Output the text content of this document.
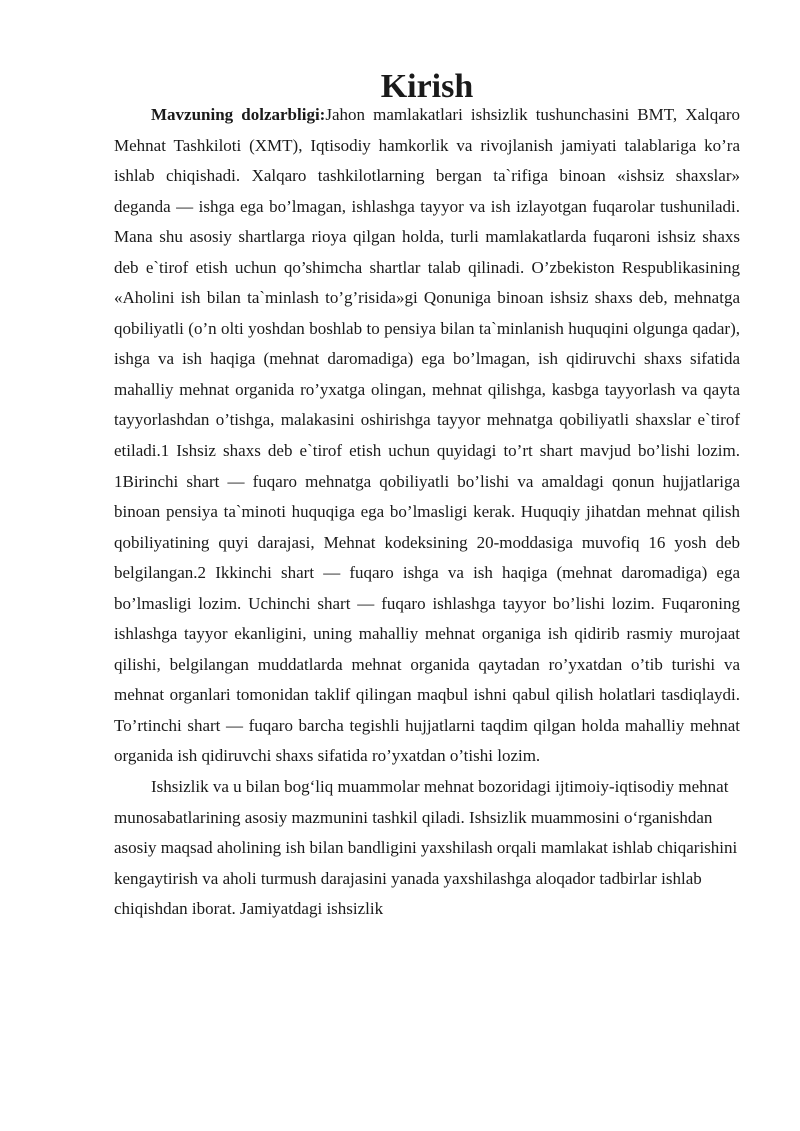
Kirish

Mavzuning dolzarbligi:Jahon mamlakatlari ishsizlik tushunchasini BMT, Xalqaro Mehnat Tashkiloti (XMT), Iqtisodiy hamkorlik va rivojlanish jamiyati talablariga ko’ra ishlab chiqishadi. Xalqaro tashkilotlarning bergan ta`rifiga binoan «ishsiz shaxslar» deganda — ishga ega bo’lmagan, ishlashga tayyor va ish izlayotgan fuqarolar tushuniladi. Mana shu asosiy shartlarga rioya qilgan holda, turli mamlakatlarda fuqaroni ishsiz shaxs deb e`tirof etish uchun qo’shimcha shartlar talab qilinadi. O’zbekiston Respublikasining «Aholini ish bilan ta`minlash to’g’risida»gi Qonuniga binoan ishsiz shaxs deb, mehnatga qobiliyatli (o’n olti yoshdan boshlab to pensiya bilan ta`minlanish huquqini olgunga qadar), ishga va ish haqiga (mehnat daromadiga) ega bo’lmagan, ish qidiruvchi shaxs sifatida mahalliy mehnat organida ro’yxatga olingan, mehnat qilishga, kasbga tayyorlash va qayta tayyorlashdan o’tishga, malakasini oshirishga tayyor mehnatga qobiliyatli shaxslar e`tirof etiladi.1 Ishsiz shaxs deb e`tirof etish uchun quyidagi to’rt shart mavjud bo’lishi lozim. 1Birinchi shart — fuqaro mehnatga qobiliyatli bo’lishi va amaldagi qonun hujjatlariga binoan pensiya ta`minoti huquqiga ega bo’lmasligi kerak. Huquqiy jihatdan mehnat qilish qobiliyatining quyi darajasi, Mehnat kodeksining 20-moddasiga muvofiq 16 yosh deb belgilangan.2 Ikkinchi shart — fuqaro ishga va ish haqiga (mehnat daromadiga) ega bo’lmasligi lozim. Uchinchi shart — fuqaro ishlashga tayyor bo’lishi lozim. Fuqaroning ishlashga tayyor ekanligini, uning mahalliy mehnat organiga ish qidirib rasmiy murojaat qilishi, belgilangan muddatlarda mehnat organida qaytadan ro’yxatdan o’tib turishi va mehnat organlari tomonidan taklif qilingan maqbul ishni qabul qilish holatlari tasdiqlaydi. To’rtinchi shart — fuqaro barcha tegishli hujjatlarni taqdim qilgan holda mahalliy mehnat organida ish qidiruvchi shaxs sifatida ro’yxatdan o’tishi lozim.

Ishsizlik va u bilan bog‘liq muammolar mehnat bozoridagi ijtimoiy-iqtisodiy mehnat munosabatlarining asosiy mazmunini tashkil qiladi. Ishsizlik muammosini o‘rganishdan asosiy maqsad aholining ish bilan bandligini yaxshilash orqali mamlakat ishlab chiqarishini kengaytirish va aholi turmush darajasini yanada yaxshilashga aloqador tadbirlar ishlab chiqishdan iborat. Jamiyatdagi ishsizlik
